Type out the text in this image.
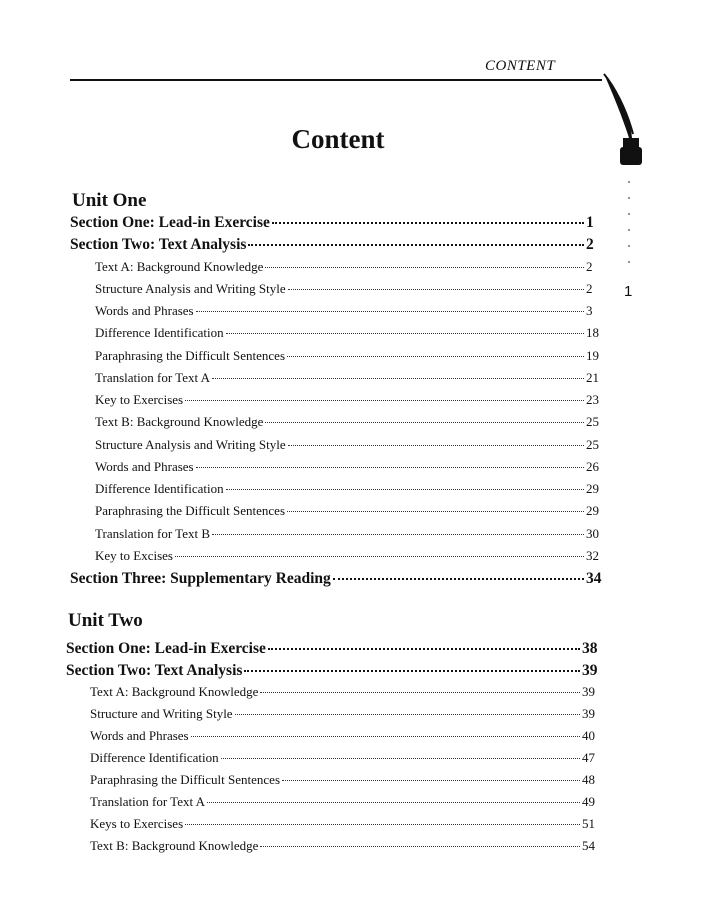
CONTENT
1
Content
Unit One
Section One: Lead-in Exercise	1
Section Two: Text Analysis	2
Text A: Background Knowledge	2
Structure Analysis and Writing Style	2
Words and Phrases	3
Difference Identification	18
Paraphrasing the Difficult Sentences	19
Translation for Text A	21
Key to Exercises	23
Text B: Background Knowledge	25
Structure Analysis and Writing Style	25
Words and Phrases	26
Difference Identification	29
Paraphrasing the Difficult Sentences	29
Translation for Text B	30
Key to Excises	32
Section Three: Supplementary Reading	34
Unit Two
Section One: Lead-in Exercise	38
Section Two: Text Analysis	39
Text A: Background Knowledge	39
Structure and Writing Style	39
Words and Phrases	40
Difference Identification	47
Paraphrasing the Difficult Sentences	48
Translation for Text A	49
Keys to Exercises	51
Text B: Background Knowledge	54
